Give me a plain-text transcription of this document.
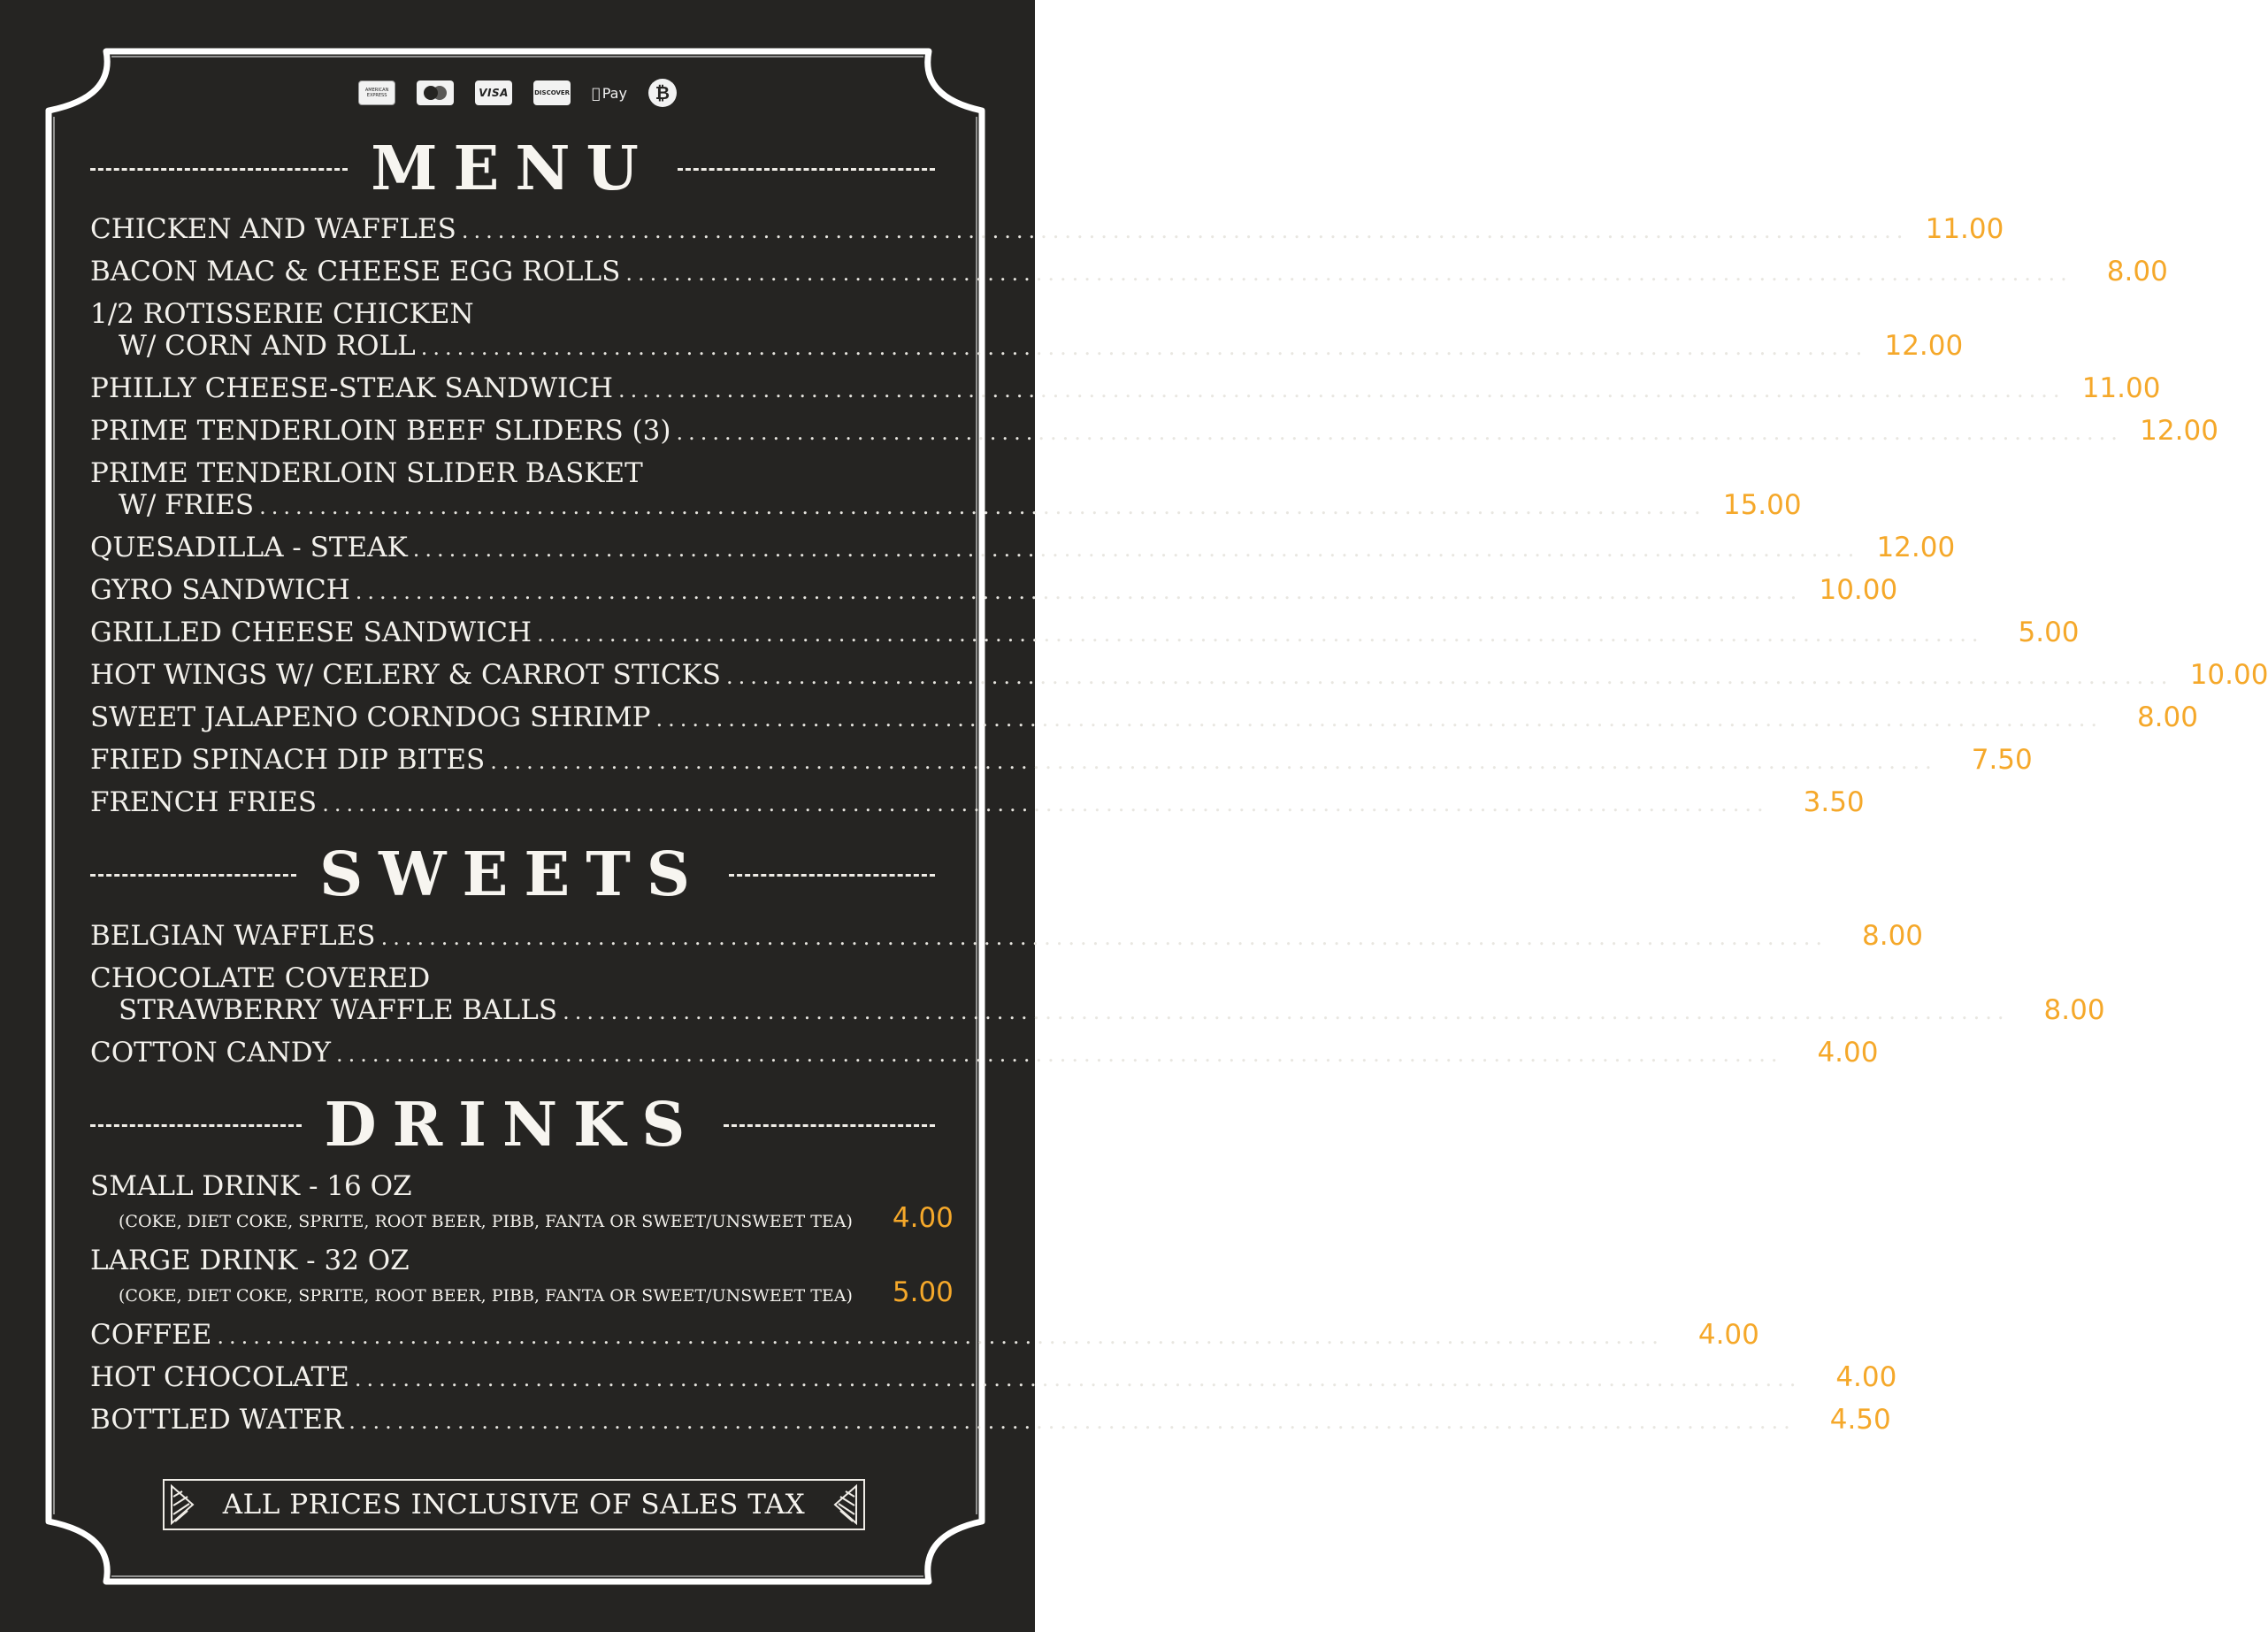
AMERICAN EXPRESS	VISA	DISCOVER Pay ₿
MENU
CHICKEN AND WAFFLES ........................................................................................................................ 11.00
BACON MAC & CHEESE EGG ROLLS ........................................................................................................................	8.00
1/2 ROTISSERIE CHICKEN
W/ CORN AND ROLL ........................................................................................................................ 12.00
PHILLY CHEESE-STEAK SANDWICH ........................................................................................................................ 11.00
PRIME TENDERLOIN BEEF SLIDERS (3) ........................................................................................................................ 12.00
PRIME TENDERLOIN SLIDER BASKET
W/ FRIES ........................................................................................................................ 15.00
QUESADILLA - STEAK ........................................................................................................................ 12.00
GYRO SANDWICH ........................................................................................................................ 10.00
GRILLED CHEESE SANDWICH ........................................................................................................................	5.00
HOT WINGS W/ CELERY & CARROT STICKS ........................................................................................................................ 10.00
SWEET JALAPENO CORNDOG SHRIMP ........................................................................................................................	8.00
FRIED SPINACH DIP BITES ........................................................................................................................	7.50
FRENCH FRIES ........................................................................................................................	3.50
SWEETS
BELGIAN WAFFLES ........................................................................................................................	8.00
CHOCOLATE COVERED
STRAWBERRY WAFFLE BALLS ........................................................................................................................	8.00
COTTON CANDY ........................................................................................................................	4.00
DRINKS
SMALL DRINK - 16 OZ
(COKE, DIET COKE, SPRITE, ROOT BEER, PIBB, FANTA OR SWEET/UNSWEET TEA)	4.00
LARGE DRINK - 32 OZ
(COKE, DIET COKE, SPRITE, ROOT BEER, PIBB, FANTA OR SWEET/UNSWEET TEA)	5.00
COFFEE ........................................................................................................................	4.00
HOT CHOCOLATE ........................................................................................................................	4.00
BOTTLED WATER ........................................................................................................................	4.50
ALL PRICES INCLUSIVE OF SALES TAX
